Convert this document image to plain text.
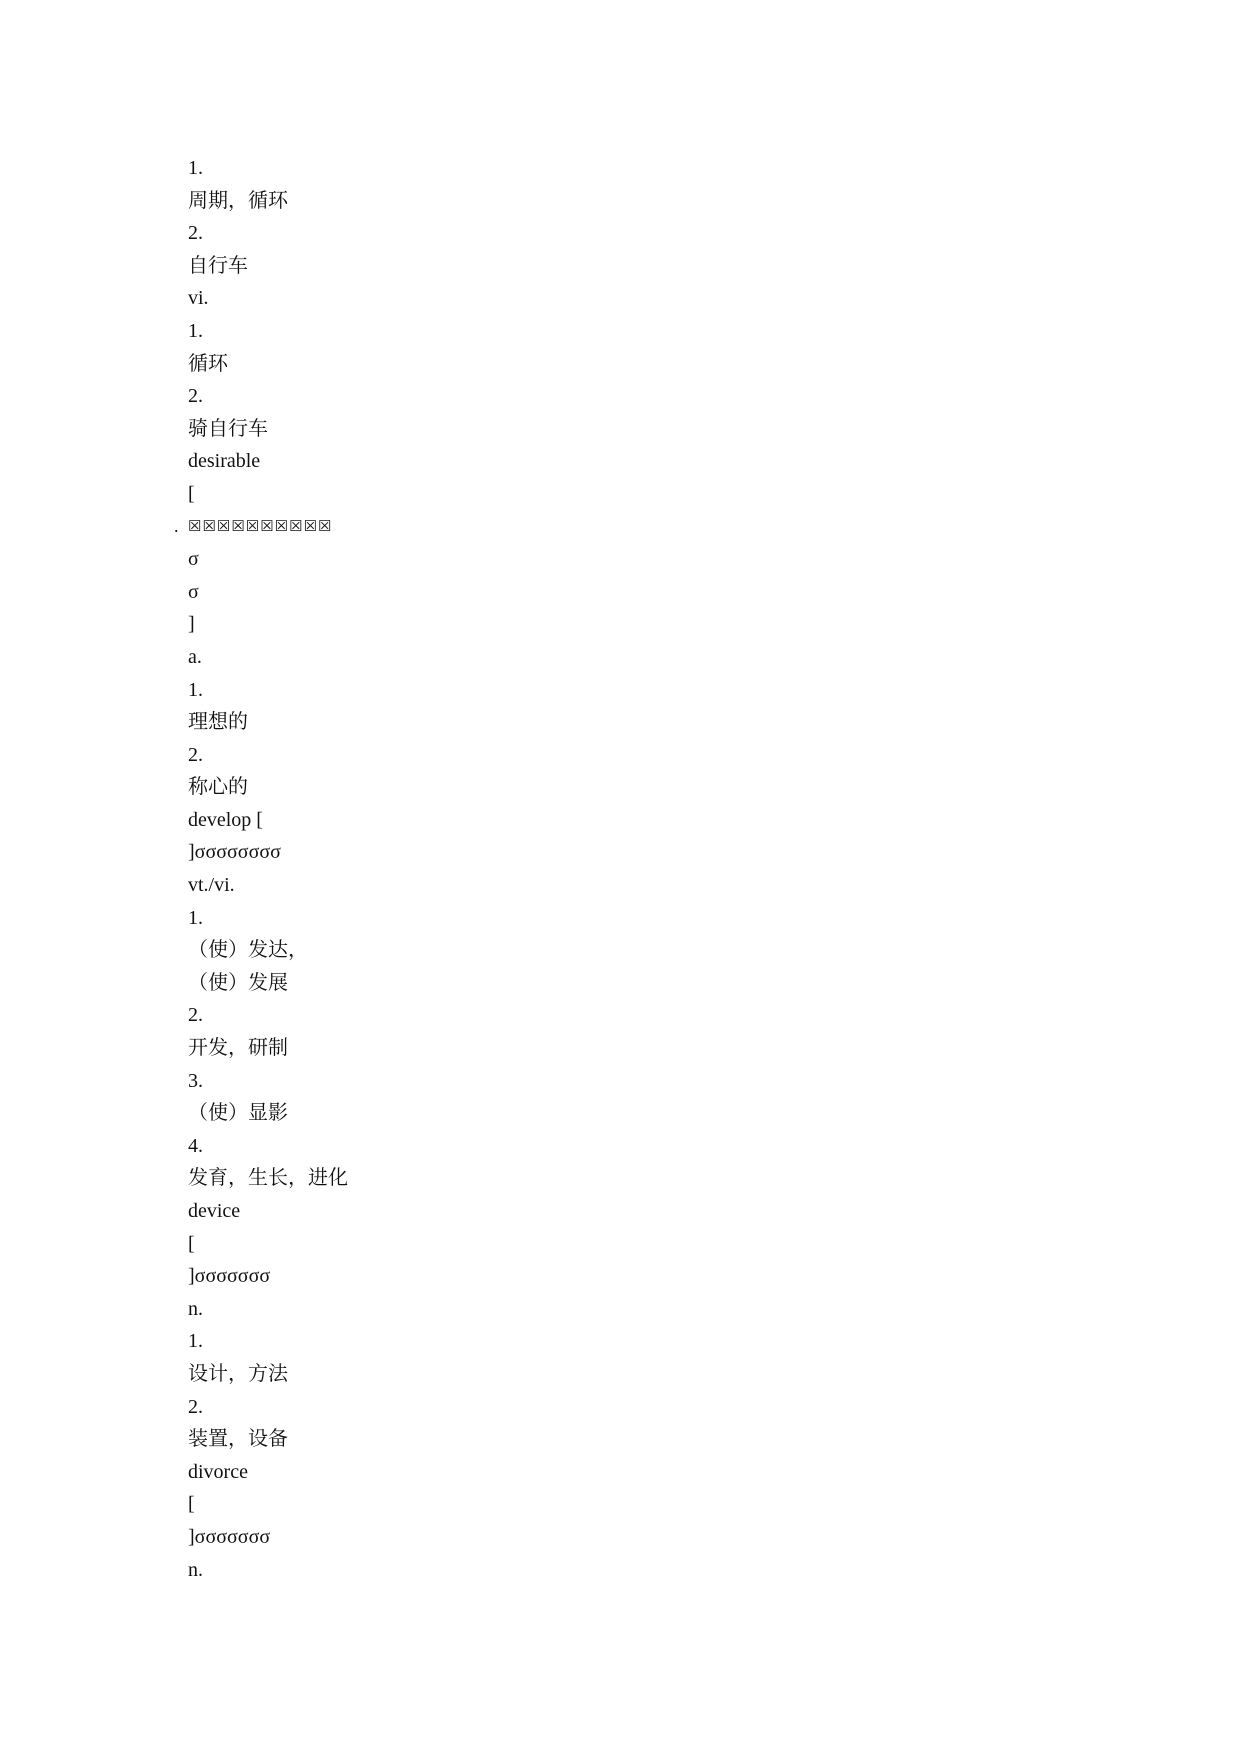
.
1.
周期，循环
2.
自行车
vi.
1.
循环
2.
骑自行车
desirable
[
☒☒☒☒☒☒☒☒☒☒
σ
σ
]
a.
1.
理想的
2.
称心的
develop [
]σσσσσσσσ
vt./vi.
1.
（使）发达，
（使）发展
2.
开发，研制
3.
（使）显影
4.
发育，生长，进化
device
[
]σσσσσσσ
n.
1.
设计，方法
2.
装置，设备
divorce
[
]σσσσσσσ
n.
